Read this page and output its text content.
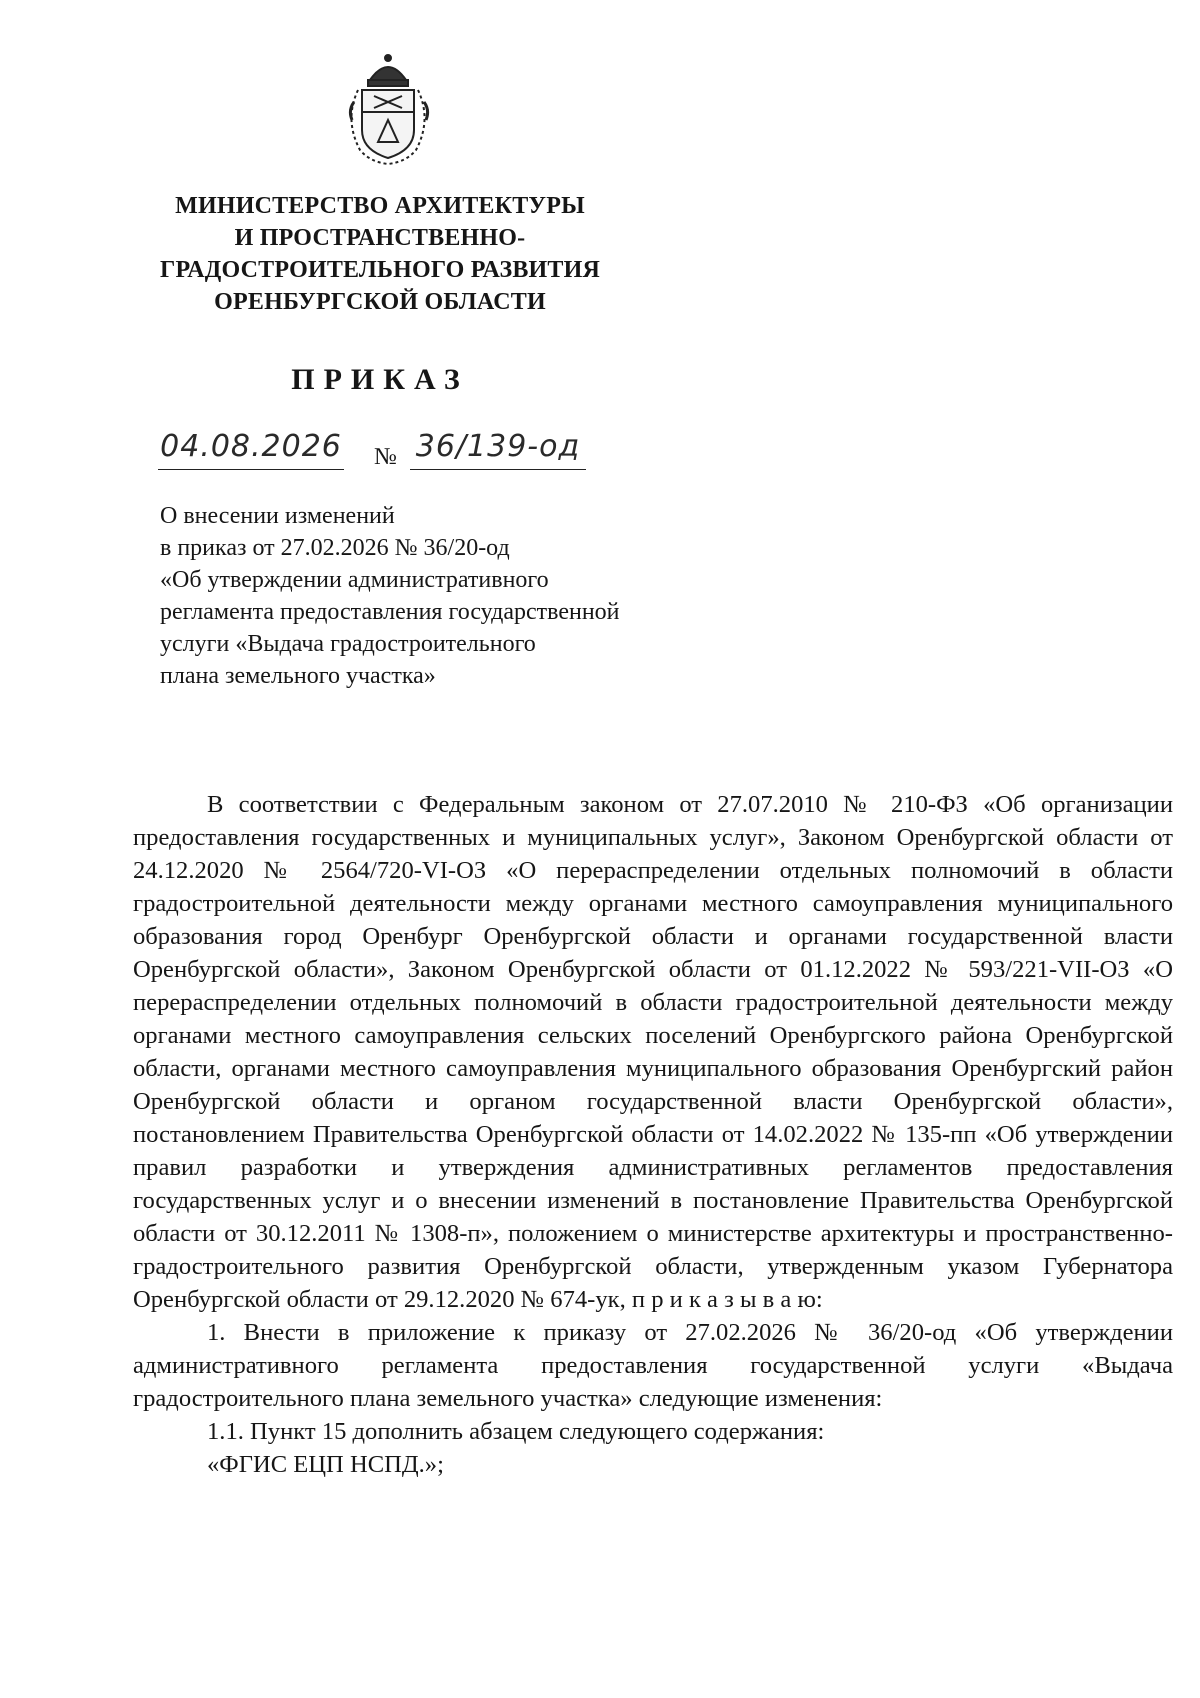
МИНИСТЕРСТВО АРХИТЕКТУРЫ
И ПРОСТРАНСТВЕННО-
ГРАДОСТРОИТЕЛЬНОГО РАЗВИТИЯ
ОРЕНБУРГСКОЙ ОБЛАСТИ
ПРИКАЗ
04.08.2026 № 36/139-од
О внесении изменений
в приказ от 27.02.2026 № 36/20-од
«Об утверждении административного
регламента предоставления государственной
услуги «Выдача градостроительного
плана земельного участка»

В соответствии с Федеральным законом от 27.07.2010 № 210-ФЗ «Об организации предоставления государственных и муниципальных услуг», Законом Оренбургской области от 24.12.2020 № 2564/720-VI-ОЗ «О перераспределении отдельных полномочий в области градостроительной деятельности между органами местного самоуправления муниципального образования город Оренбург Оренбургской области и органами государственной власти Оренбургской области», Законом Оренбургской области от 01.12.2022 № 593/221-VII-ОЗ «О перераспределении отдельных полномочий в области градостроительной деятельности между органами местного самоуправления сельских поселений Оренбургского района Оренбургской области, органами местного самоуправления муниципального образования Оренбургский район Оренбургской области и органом государственной власти Оренбургской области», постановлением Правительства Оренбургской области от 14.02.2022 № 135-пп «Об утверждении правил разработки и утверждения административных регламентов предоставления государственных услуг и о внесении изменений в постановление Правительства Оренбургской области от 30.12.2011 № 1308-п», положением о министерстве архитектуры и пространственно-градостроительного развития Оренбургской области, утвержденным указом Губернатора Оренбургской области от 29.12.2020 № 674-ук, п р и к а з ы в а ю:

1. Внести в приложение к приказу от 27.02.2026 № 36/20-од «Об утверждении административного регламента предоставления государственной услуги «Выдача градостроительного плана земельного участка» следующие изменения:

1.1. Пункт 15 дополнить абзацем следующего содержания:

«ФГИС ЕЦП НСПД.»;
